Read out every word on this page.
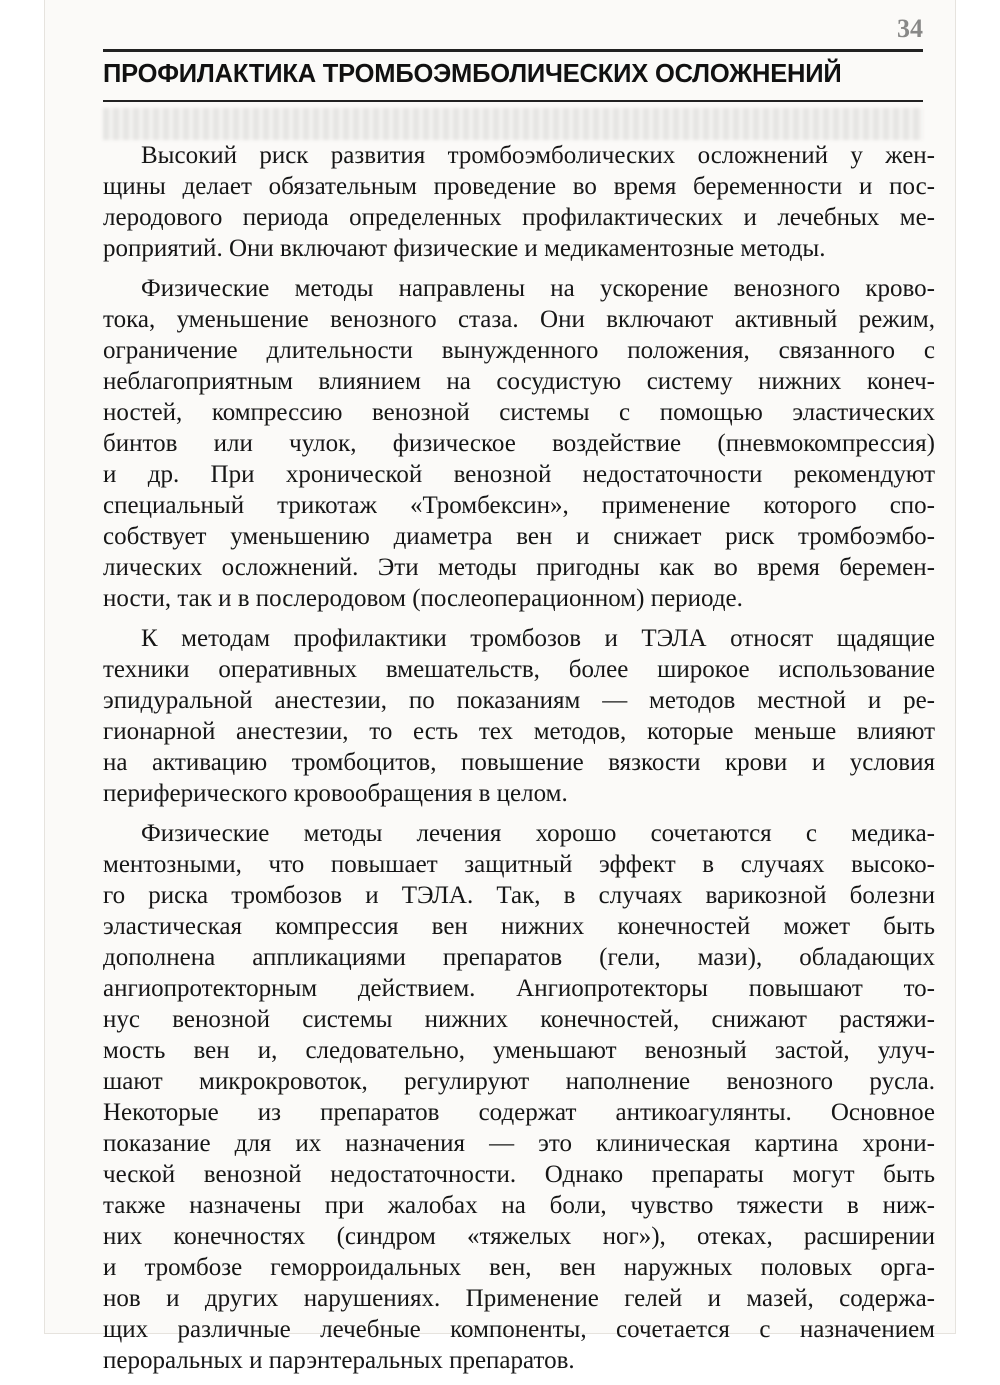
34
ПРОФИЛАКТИКА ТРОМБОЭМБОЛИЧЕСКИХ ОСЛОЖНЕНИЙ
Высокий риск развития тромбоэмболических осложнений у жен-
щины делает обязательным проведение во время беременности и пос-
леродового периода определенных профилактических и лечебных ме-
роприятий. Они включают физические и медикаментозные методы.
Физические методы направлены на ускорение венозного крово-
тока, уменьшение венозного стаза. Они включают активный режим,
ограничение длительности вынужденного положения, связанного с
неблагоприятным влиянием на сосудистую систему нижних конеч-
ностей, компрессию венозной системы с помощью эластических
бинтов или чулок, физическое воздействие (пневмокомпрессия)
и др. При хронической венозной недостаточности рекомендуют
специальный трикотаж «Тромбексин», применение которого спо-
собствует уменьшению диаметра вен и снижает риск тромбоэмбо-
лических осложнений. Эти методы пригодны как во время беремен-
ности, так и в послеродовом (послеоперационном) периоде.
К методам профилактики тромбозов и ТЭЛА относят щадящие
техники оперативных вмешательств, более широкое использование
эпидуральной анестезии, по показаниям — методов местной и ре-
гионарной анестезии, то есть тех методов, которые меньше влияют
на активацию тромбоцитов, повышение вязкости крови и условия
периферического кровообращения в целом.
Физические методы лечения хорошо сочетаются с медика-
ментозными, что повышает защитный эффект в случаях высоко-
го риска тромбозов и ТЭЛА. Так, в случаях варикозной болезни
эластическая компрессия вен нижних конечностей может быть
дополнена аппликациями препаратов (гели, мази), обладающих
ангиопротекторным действием. Ангиопротекторы повышают то-
нус венозной системы нижних конечностей, снижают растяжи-
мость вен и, следовательно, уменьшают венозный застой, улуч-
шают микрокровоток, регулируют наполнение венозного русла.
Некоторые из препаратов содержат антикоагулянты. Основное
показание для их назначения — это клиническая картина хрони-
ческой венозной недостаточности. Однако препараты могут быть
также назначены при жалобах на боли, чувство тяжести в ниж-
них конечностях (синдром «тяжелых ног»), отеках, расширении
и тромбозе геморроидальных вен, вен наружных половых орга-
нов и других нарушениях. Применение гелей и мазей, содержа-
щих различные лечебные компоненты, сочетается с назначением
пероральных и парэнтеральных препаратов.
